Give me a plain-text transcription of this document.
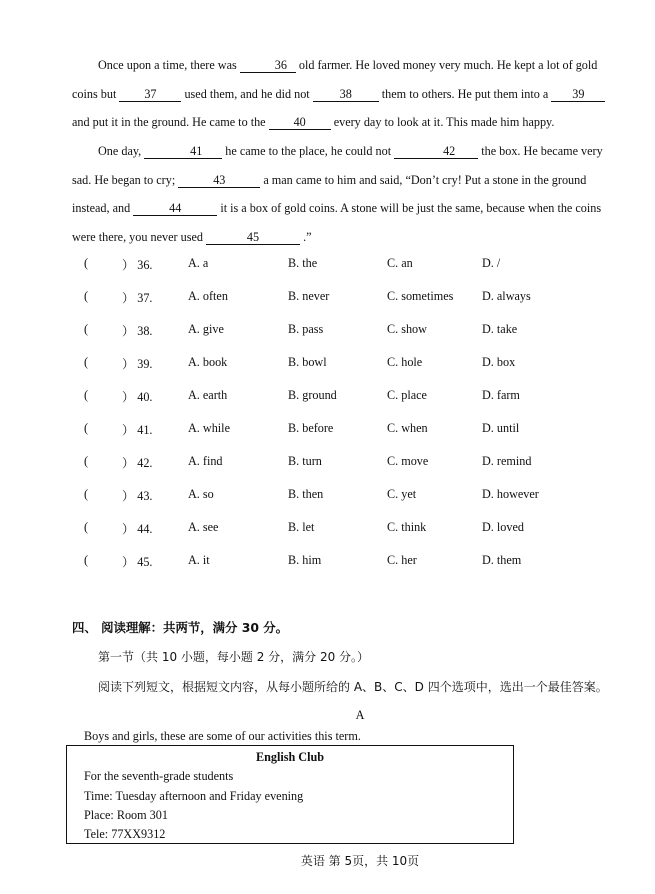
Once upon a time, there was	36 old farmer. He loved money very much. He kept a lot of gold
coins but 37 used them, and he did not 38 them to others. He put them into a 39
and put it in the ground. He came to the 40 every day to look at it. This made him happy.
One day,	41 he came to the place, he could not	42 the box. He became very
sad. He began to cry;	43	a man came to him and said, “Don’t cry! Put a stone in the ground
instead, and	44	it is a box of gold coins. A stone will be just the same, because when the coins
were there, you never used	45	.”
(	） 36.	A. a	B. the	C. an	D. /
(	） 37.	A. often	B. never	C. sometimes D. always
(	） 38.	A. give	B. pass	C. show	D. take
(	） 39.	A. book	B. bowl	C. hole	D. box
(	） 40.	A. earth	B. ground	C. place	D. farm
(	） 41.	A. while	B. before	C. when	D. until
(	） 42.	A. find	B. turn	C. move	D. remind
(	） 43.	A. so	B. then	C. yet	D. however
(	） 44.	A. see	B. let	C. think	D. loved
(	） 45.	A. it	B. him	C. her	D. them
四、 阅读理解：共两节，满分 30 分。
第一节（共 10 小题，每小题 2 分，满分 20 分。）
阅读下列短文，根据短文内容，从每小题所给的 A、B、C、D 四个选项中，选出一个最佳答案。
A
Boys and girls, these are some of our activities this term.
English Club
For the seventh-grade students
Time: Tuesday afternoon and Friday evening
Place: Room 301
Tele: 77XX9312
英语 第 5页，共 10页
